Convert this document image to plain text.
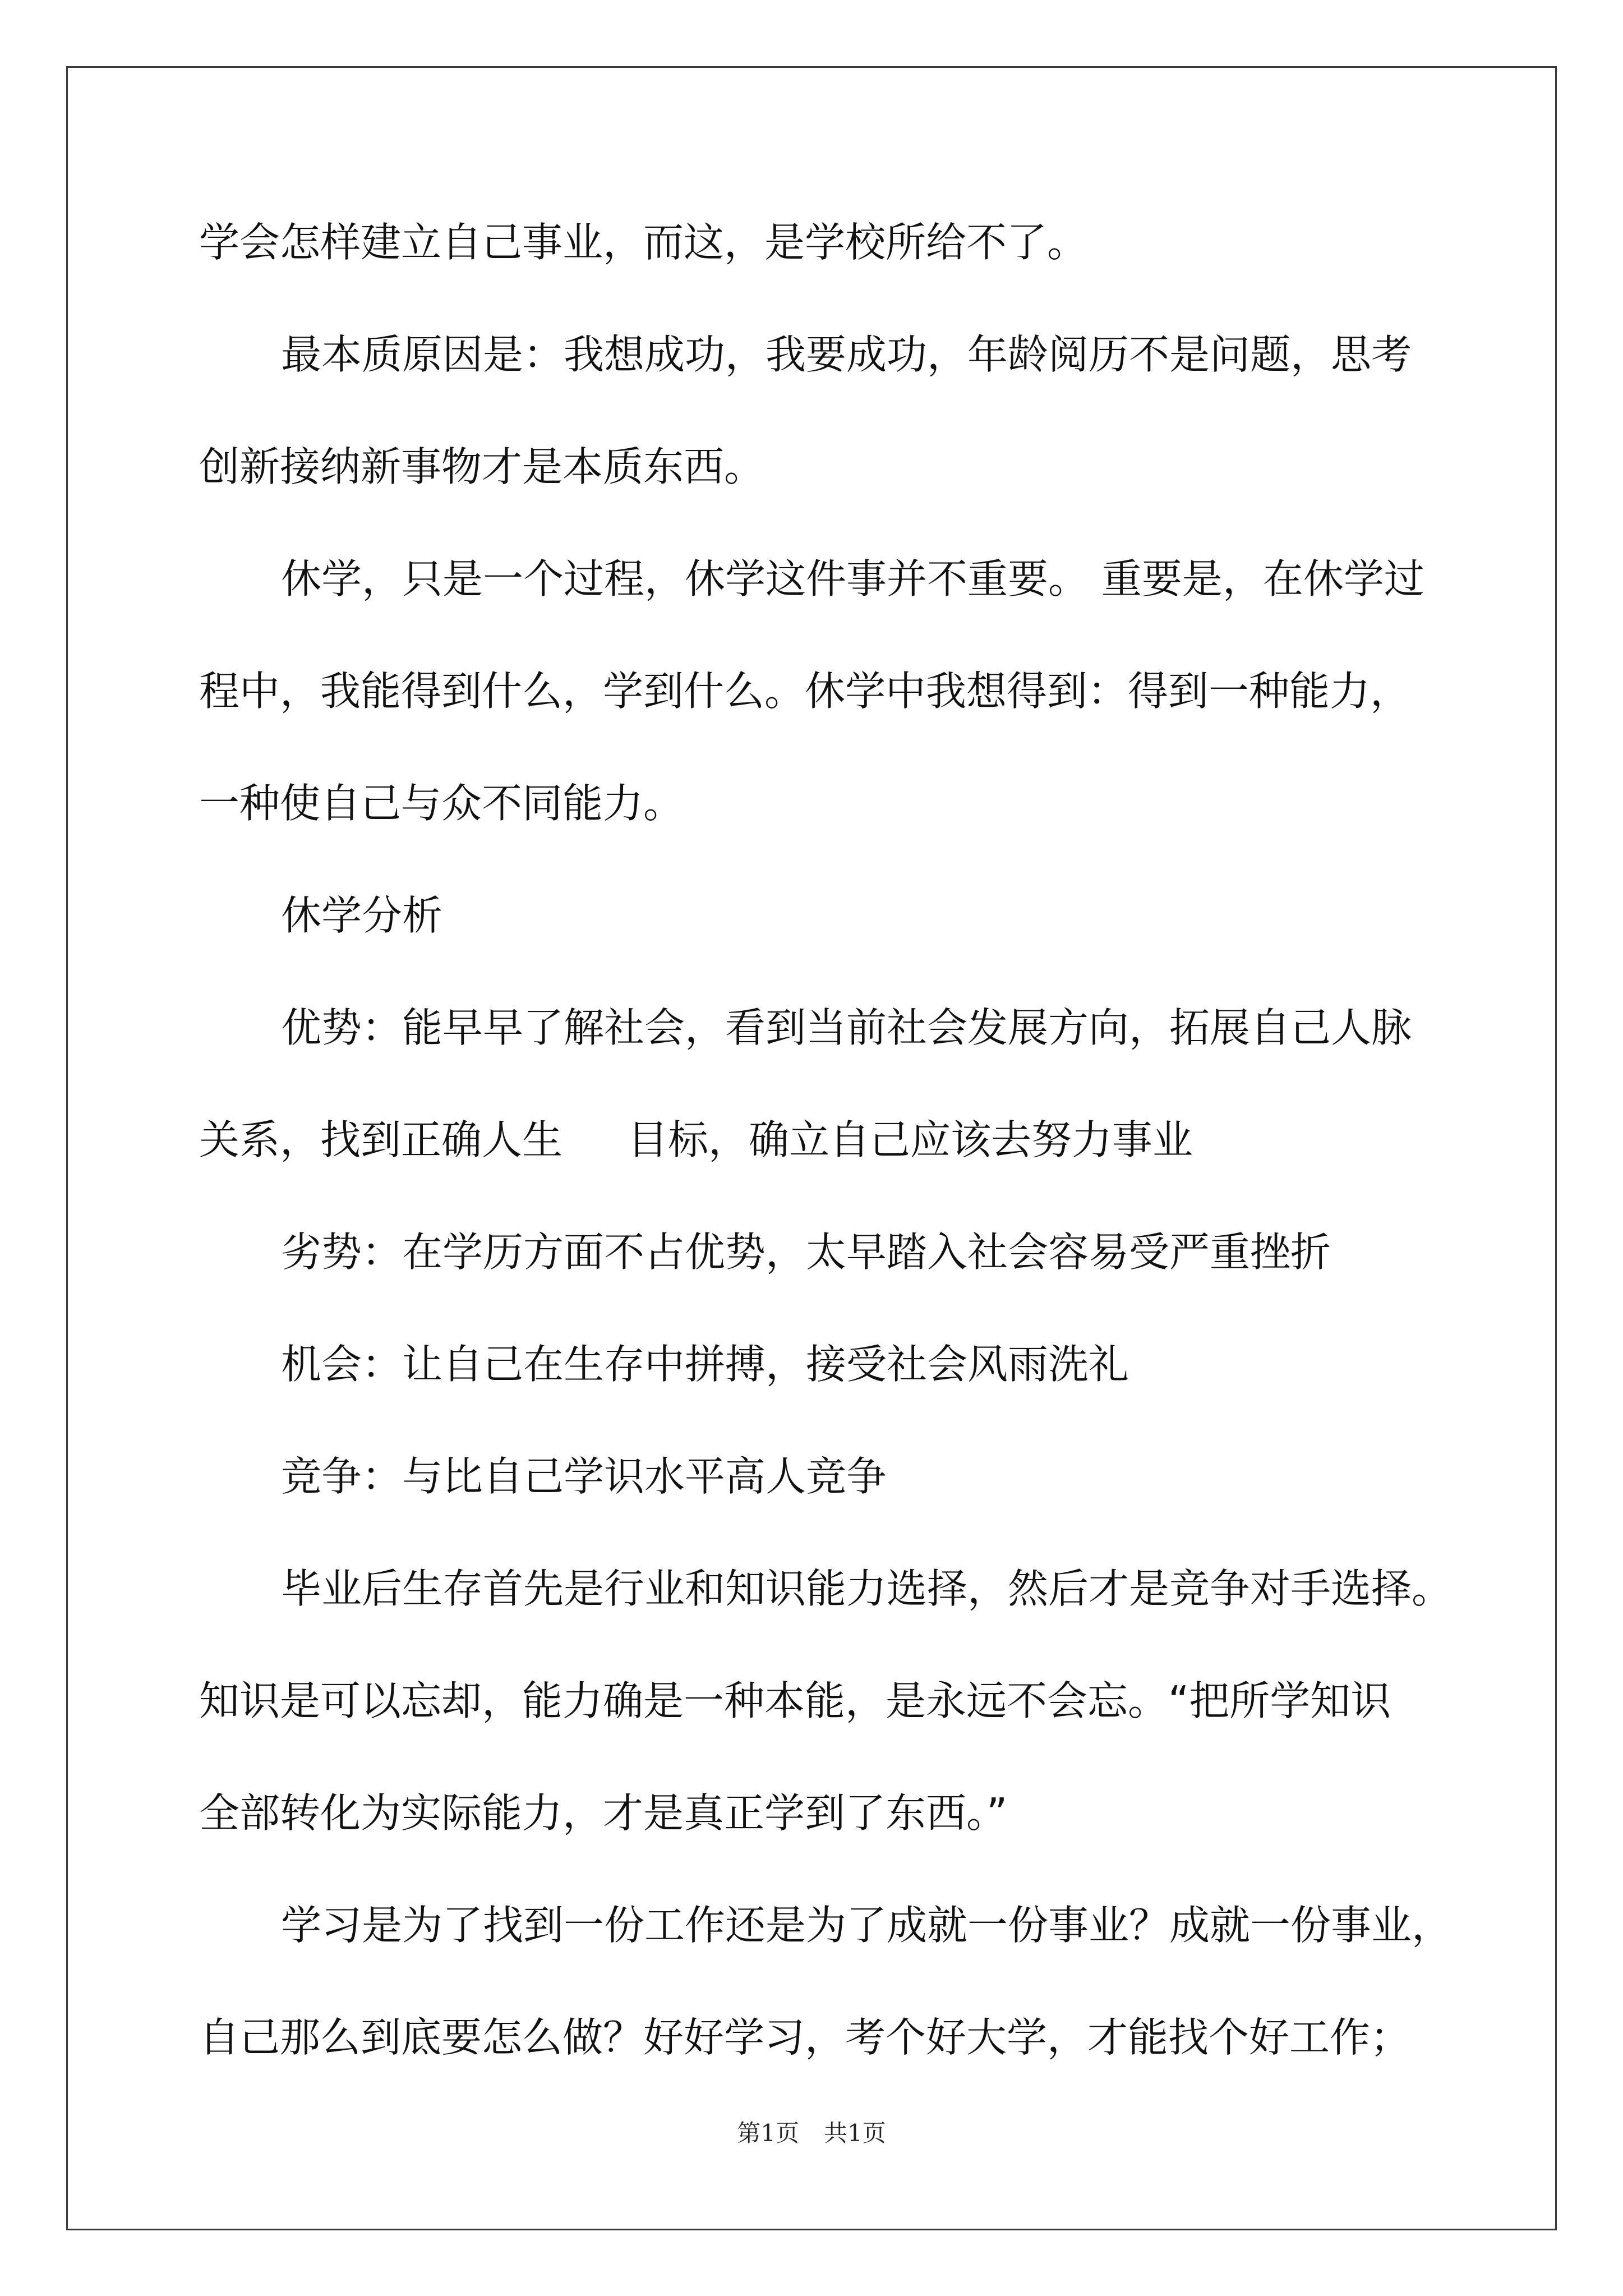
学会怎样建立自己事业，而这，是学校所给不了。
最本质原因是：我想成功，我要成功，年龄阅历不是问题，思考
创新接纳新事物才是本质东西。
休学，只是一个过程，休学这件事并不重要。 重要是，在休学过
程中，我能得到什么，学到什么。休学中我想得到：得到一种能力，
一种使自己与众不同能力。
休学分析
优势：能早早了解社会，看到当前社会发展方向，拓展自己人脉
关系，找到正确人生 目标，确立自己应该去努力事业
劣势：在学历方面不占优势，太早踏入社会容易受严重挫折
机会：让自己在生存中拼搏，接受社会风雨洗礼
竞争：与比自己学识水平高人竞争
毕业后生存首先是行业和知识能力选择，然后才是竞争对手选择。
知识是可以忘却，能力确是一种本能，是永远不会忘。“把所学知识
全部转化为实际能力，才是真正学到了东西。”
学习是为了找到一份工作还是为了成就一份事业？成就一份事业，
自己那么到底要怎么做？好好学习，考个好大学，才能找个好工作；
第1页 共1页
